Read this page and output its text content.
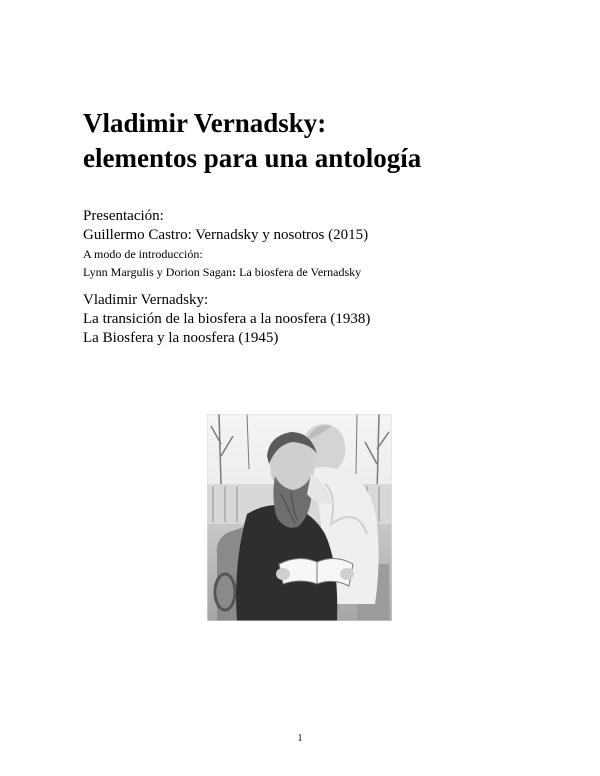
Vladimir Vernadsky:
elementos para una antología
Presentación:
Guillermo Castro: Vernadsky y nosotros (2015)
A modo de introducción:
Lynn Margulis y Dorion Sagan: La biosfera de Vernadsky
Vladimir Vernadsky:
La transición de la biosfera a la noosfera (1938)
La Biosfera y la noosfera (1945)
1
